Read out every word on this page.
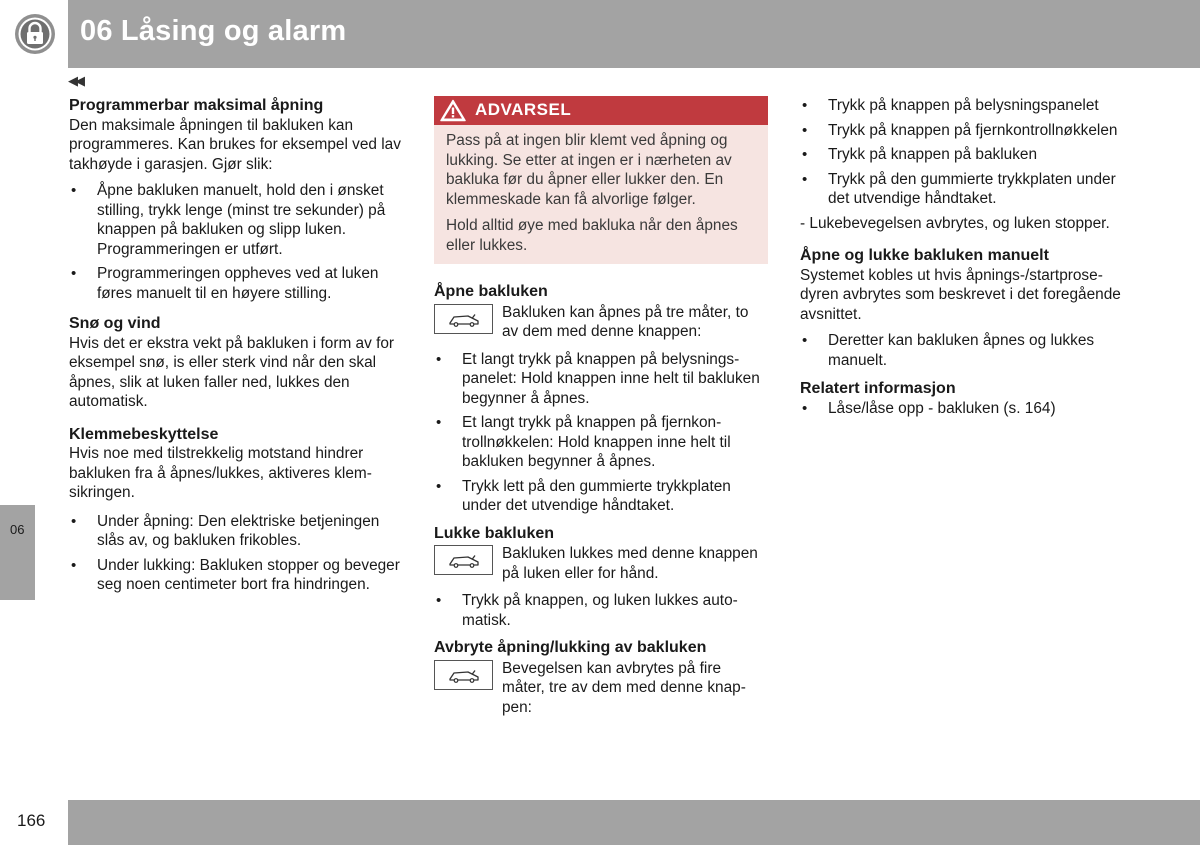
06 Låsing og alarm
◀◀
06
166
Programmerbar maksimal åpning

Den maksimale åpningen til bakluken kan programmeres. Kan brukes for eksempel ved lav takhøyde i garasjen. Gjør slik:

• Åpne bakluken manuelt, hold den i ønsket stilling, trykk lenge (minst tre sekunder) på knappen på bakluken og slipp luken. Programmeringen er utført.
• Programmeringen oppheves ved at luken føres manuelt til en høyere stilling.
Snø og vind

Hvis det er ekstra vekt på bakluken i form av for eksempel snø, is eller sterk vind når den skal åpnes, slik at luken faller ned, lukkes den automatisk.

Klemmebeskyttelse

Hvis noe med tilstrekkelig motstand hindrer bakluken fra å åpnes/lukkes, aktiveres klemsikringen.

• Under åpning: Den elektriske betjeningen slås av, og bakluken frikobles.
• Under lukking: Bakluken stopper og beveger seg noen centimeter bort fra hindringen.
ADVARSEL

Pass på at ingen blir klemt ved åpning og lukking. Se etter at ingen er i nærheten av bakluka før du åpner eller lukker den. En klemmeskade kan få alvorlige følger.

Hold alltid øye med bakluka når den åpnes eller lukkes.

Åpne bakluken

Bakluken kan åpnes på tre måter, to av dem med denne knappen:

• Et langt trykk på knappen på belysningspanelet: Hold knappen inne helt til bakluken begynner å åpnes.
• Et langt trykk på knappen på fjernkontrollnøkkelen: Hold knappen inne helt til bakluken begynner å åpnes.
• Trykk lett på den gummierte trykkplaten under det utvendige håndtaket.
Lukke bakluken

Bakluken lukkes med denne knappen på luken eller for hånd.

• Trykk på knappen, og luken lukkes automatisk.
Avbryte åpning/lukking av bakluken

Bevegelsen kan avbrytes på fire måter, tre av dem med denne knappen:

• Trykk på knappen på belysningspanelet
• Trykk på knappen på fjernkontrollnøkkelen
• Trykk på knappen på bakluken
• Trykk på den gummierte trykkplaten under det utvendige håndtaket.

- Lukebevegelsen avbrytes, og luken stopper.

Åpne og lukke bakluken manuelt

Systemet kobles ut hvis åpnings-/startprosedyren avbrytes som beskrevet i det foregående avsnittet.

• Deretter kan bakluken åpnes og lukkes manuelt.
Relatert informasjon
• Låse/låse opp - bakluken (s. 164)
